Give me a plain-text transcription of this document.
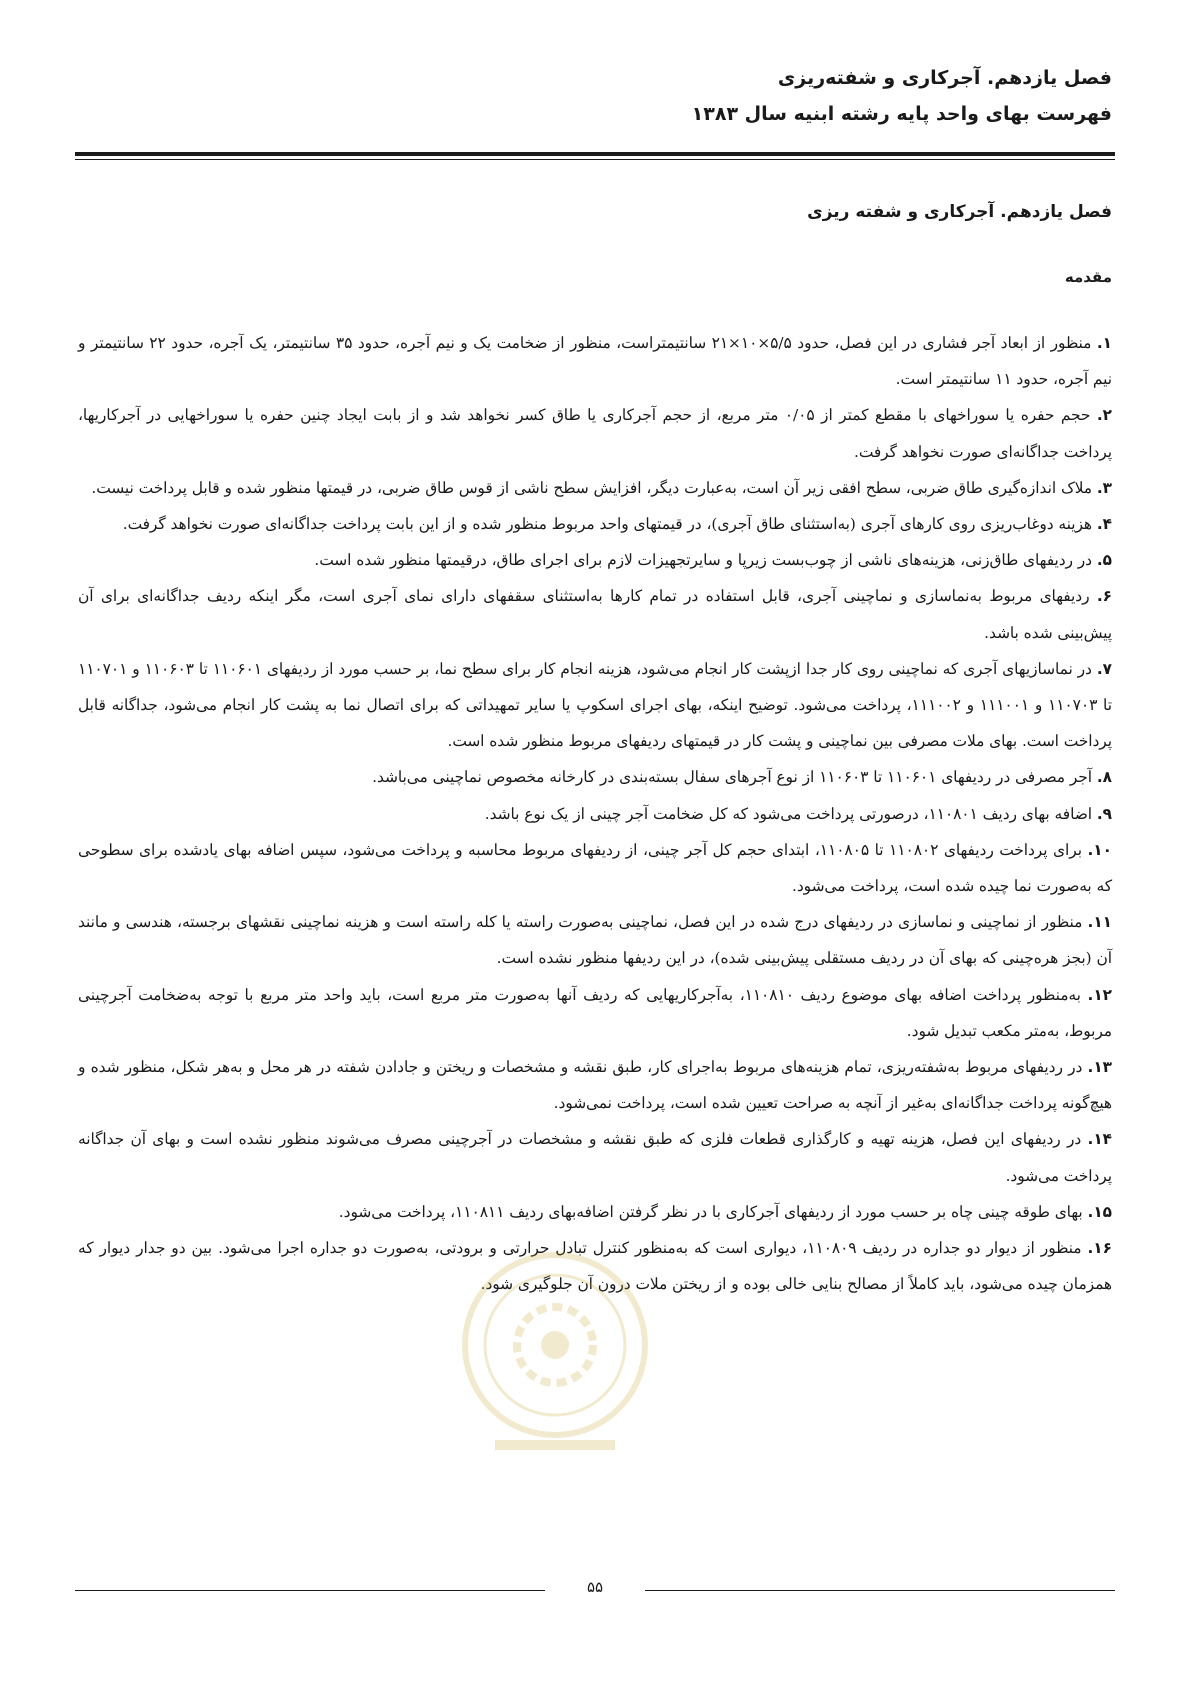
فصل یازدهم. آجرکاری و شفته‌ریزی
فهرست بهای واحد پایه رشته ابنیه سال ۱۳۸۳
فصل یازدهم. آجرکاری و شفته ریزی
مقدمه

۱. منظور از ابعاد آجر فشاری در این فصل، حدود ۵/۵×۱۰×۲۱ سانتیمتراست، منظور از ضخامت یک و نیم آجره، حدود ۳۵ سانتیمتر، یک آجره، حدود ۲۲ سانتیمتر و نیم آجره، حدود ۱۱ سانتیمتر است.

۲. حجم حفره یا سوراخهای با مقطع کمتر از ۰/۰۵ متر مربع، از حجم آجرکاری یا طاق کسر نخواهد شد و از بابت ایجاد چنین حفره یا سوراخهایی در آجرکاریها، پرداخت جداگانه‌ای صورت نخواهد گرفت.

۳. ملاک اندازه‌گیری طاق ضربی، سطح افقی زیر آن است، به‌عبارت دیگر، افزایش سطح ناشی از قوس طاق ضربی، در قیمتها منظور شده و قابل پرداخت نیست.

۴. هزینه دوغاب‌ریزی روی کارهای آجری (به‌استثنای طاق آجری)، در قیمتهای واحد مربوط منظور شده و از این بابت پرداخت جداگانه‌ای صورت نخواهد گرفت.

۵. در ردیفهای طاق‌زنی، هزینه‌های ناشی از چوب‌بست زیرپا و سایرتجهیزات لازم برای اجرای طاق، درقیمتها منظور شده است.

۶. ردیفهای مربوط به‌نماسازی و نماچینی آجری، قابل استفاده در تمام کارها به‌استثنای سقفهای دارای نمای آجری است، مگر اینکه ردیف جداگانه‌ای برای آن پیش‌بینی شده باشد.

۷. در نماسازیهای آجری که نماچینی روی کار جدا ازپشت کار انجام می‌شود، هزینه انجام کار برای سطح نما، بر حسب مورد از ردیفهای ۱۱۰۶۰۱ تا ۱۱۰۶۰۳ و ۱۱۰۷۰۱ تا ۱۱۰۷۰۳ و ۱۱۱۰۰۱ و ۱۱۱۰۰۲، پرداخت می‌شود. توضیح اینکه، بهای اجرای اسکوپ یا سایر تمهیداتی که برای اتصال نما به پشت کار انجام می‌شود، جداگانه قابل پرداخت است. بهای ملات مصرفی بین نماچینی و پشت کار در قیمتهای ردیفهای مربوط منظور شده است.

۸. آجر مصرفی در ردیفهای ۱۱۰۶۰۱ تا ۱۱۰۶۰۳ از نوع آجرهای سفال بسته‌بندی در کارخانه مخصوص نماچینی می‌باشد.

۹. اضافه بهای ردیف ۱۱۰۸۰۱، درصورتی پرداخت می‌شود که کل ضخامت آجر چینی از یک نوع باشد.

۱۰. برای پرداخت ردیفهای ۱۱۰۸۰۲ تا ۱۱۰۸۰۵، ابتدای حجم کل آجر چینی، از ردیفهای مربوط محاسبه و پرداخت می‌شود، سپس اضافه بهای یادشده برای سطوحی که به‌صورت نما چیده شده است، پرداخت می‌شود.

۱۱. منظور از نماچینی و نماسازی در ردیفهای درج شده در این فصل، نماچینی به‌صورت راسته یا کله راسته است و هزینه نماچینی نقشهای برجسته، هندسی و مانند آن (بجز هره‌چینی که بهای آن در ردیف مستقلی پیش‌بینی شده)، در این ردیفها منظور نشده است.

۱۲. به‌منظور پرداخت اضافه بهای موضوع ردیف ۱۱۰۸۱۰، به‌آجرکاریهایی که ردیف آنها به‌صورت متر مربع است، باید واحد متر مربع با توجه به‌ضخامت آجرچینی مربوط، به‌متر مکعب تبدیل شود.

۱۳. در ردیفهای مربوط به‌شفته‌ریزی، تمام هزینه‌های مربوط به‌اجرای کار، طبق نقشه و مشخصات و ریختن و جادادن شفته در هر محل و به‌هر شکل، منظور شده و هیچ‌گونه پرداخت جداگانه‌ای به‌غیر از آنچه به صراحت تعیین شده است، پرداخت نمی‌شود.

۱۴. در ردیفهای این فصل، هزینه تهیه و کارگذاری قطعات فلزی که طبق نقشه و مشخصات در آجرچینی مصرف می‌شوند منظور نشده است و بهای آن جداگانه پرداخت می‌شود.

۱۵. بهای طوقه چینی چاه بر حسب مورد از ردیفهای آجرکاری با در نظر گرفتن اضافه‌بهای ردیف ۱۱۰۸۱۱، پرداخت می‌شود.

۱۶. منظور از دیوار دو جداره در ردیف ۱۱۰۸۰۹، دیواری است که به‌منظور کنترل تبادل حرارتی و برودتی، به‌صورت دو جداره اجرا می‌شود. بین دو جدار دیوار که همزمان چیده می‌شود، باید کاملاً از مصالح بنایی خالی بوده و از ریختن ملات درون آن جلوگیری شود.

۵۵
